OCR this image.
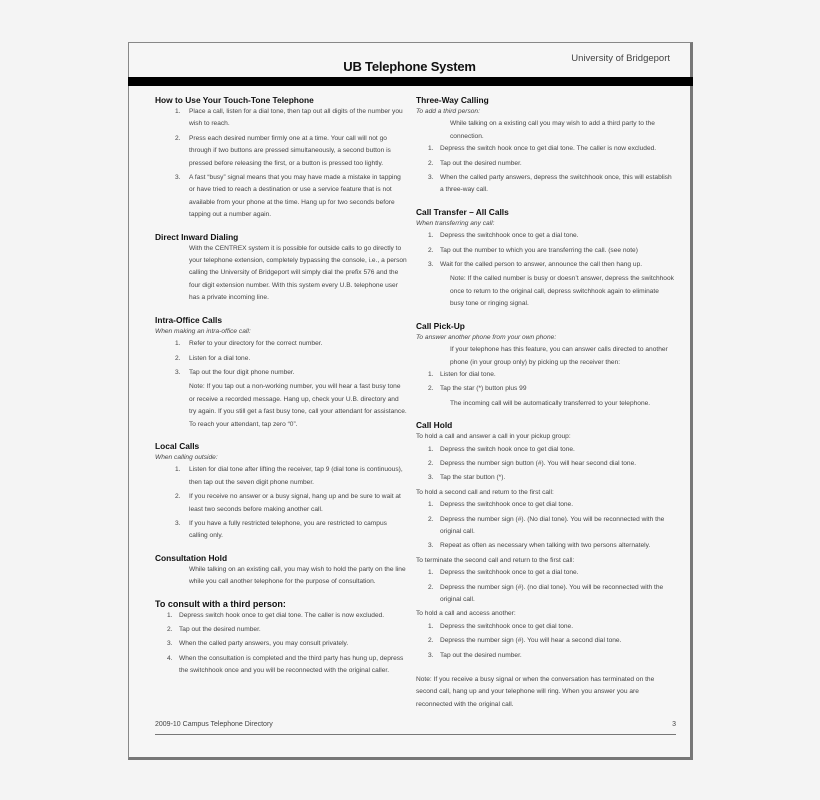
University of Bridgeport
UB Telephone System
How to Use Your Touch-Tone Telephone
1. Place a call, listen for a dial tone, then tap out all digits of the number you wish to reach.
2. Press each desired number firmly one at a time. Your call will not go through if two buttons are pressed simultaneously, a second button is pressed before releasing the first, or a button is pressed too lightly.
3. A fast “busy” signal means that you may have made a mistake in tapping or have tried to reach a destination or use a service feature that is not available from your phone at the time. Hang up for two seconds before tapping out a number again.
Direct Inward Dialing

With the CENTREX system it is possible for outside calls to go directly to your telephone extension, completely bypassing the console, i.e., a person calling the University of Bridgeport will simply dial the prefix 576 and the four digit extension number. With this system every U.B. telephone user has a private incoming line.

Intra-Office Calls

When making an intra-office call:

1. Refer to your directory for the correct number.
2. Listen for a dial tone.
3. Tap out the four digit phone number.

Note: If you tap out a non-working number, you will hear a fast busy tone or receive a recorded message. Hang up, check your U.B. directory and try again. If you still get a fast busy tone, call your attendant for assistance. To reach your attendant, tap zero “0”.

Local Calls

When calling outside:

1. Listen for dial tone after lifting the receiver, tap 9 (dial tone is continuous), then tap out the seven digit phone number.
2. If you receive no answer or a busy signal, hang up and be sure to wait at least two seconds before making another call.
3. If you have a fully restricted telephone, you are restricted to campus calling only.
Consultation Hold

While talking on an existing call, you may wish to hold the party on the line while you call another telephone for the purpose of consultation.

To consult with a third person:
1. Depress switch hook once to get dial tone. The caller is now excluded.
2. Tap out the desired number.
3. When the called party answers, you may consult privately.
4. When the consultation is completed and the third party has hung up, depress the switchhook once and you will be reconnected with the original caller.
Three-Way Calling

To add a third person:

While talking on a existing call you may wish to add a third party to the connection.

1. Depress the switch hook once to get dial tone. The caller is now excluded.
2. Tap out the desired number.
3. When the called party answers, depress the switchhook once, this will establish a three-way call.
Call Transfer – All Calls

When transferring any call:

1. Depress the switchhook once to get a dial tone.
2. Tap out the number to which you are transferring the call. (see note)
3. Wait for the called person to answer, announce the call then hang up.

Note: If the called number is busy or doesn’t answer, depress the switchhook once to return to the original call, depress switchhook again to eliminate busy tone or ringing signal.

Call Pick-Up

To answer another phone from your own phone:

If your telephone has this feature, you can answer calls directed to another phone (in your group only) by picking up the receiver then:

1. Listen for dial tone.
2. Tap the star (*) button plus 99

The incoming call will be automatically transferred to your telephone.

Call Hold

To hold a call and answer a call in your pickup group:

1. Depress the switch hook once to get dial tone.
2. Depress the number sign button (#). You will hear second dial tone.
3. Tap the star button (*).

To hold a second call and return to the first call:

1. Depress the switchhook once to get dial tone.
2. Depress the number sign (#). (No dial tone). You will be reconnected with the original call.
3. Repeat as often as necessary when talking with two persons alternately.

To terminate the second call and return to the first call:

1. Depress the switchhook once to get a dial tone.
2. Depress the number sign (#). (no dial tone). You will be reconnected with the original call.

To hold a call and access another:

1. Depress the switchhook once to get dial tone.
2. Depress the number sign (#). You will hear a second dial tone.
3. Tap out the desired number.

Note: If you receive a busy signal or when the conversation has terminated on the second call, hang up and your telephone will ring. When you answer you are reconnected with the original call.

2009-10 Campus Telephone Directory	3
